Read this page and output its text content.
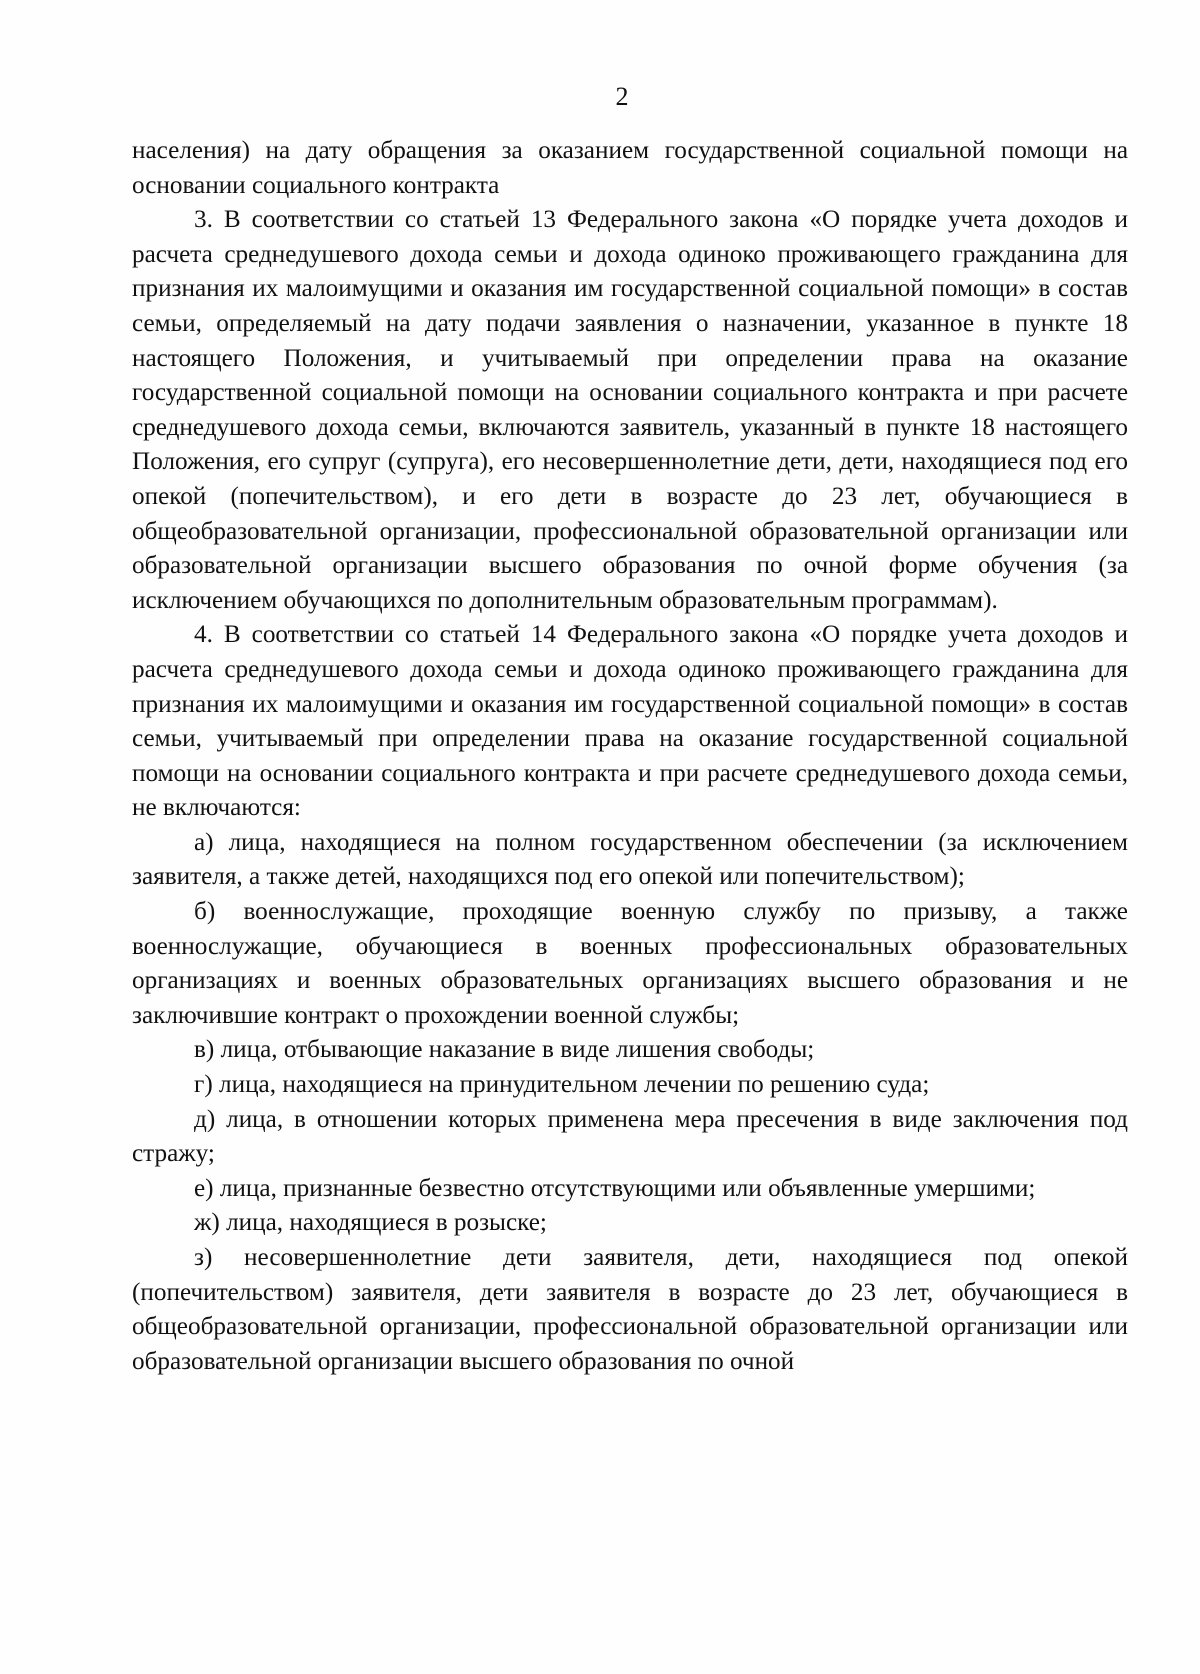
2

населения) на дату обращения за оказанием государственной социальной помощи на основании социального контракта

3. В соответствии со статьей 13 Федерального закона «О порядке учета доходов и расчета среднедушевого дохода семьи и дохода одиноко проживающего гражданина для признания их малоимущими и оказания им государственной социальной помощи» в состав семьи, определяемый на дату подачи заявления о назначении, указанное в пункте 18 настоящего Положения, и учитываемый при определении права на оказание государственной социальной помощи на основании социального контракта и при расчете среднедушевого дохода семьи, включаются заявитель, указанный в пункте 18 настоящего Положения, его супруг (супруга), его несовершеннолетние дети, дети, находящиеся под его опекой (попечительством), и его дети в возрасте до 23 лет, обучающиеся в общеобразовательной организации, профессиональной образовательной организации или образовательной организации высшего образования по очной форме обучения (за исключением обучающихся по дополнительным образовательным программам).

4. В соответствии со статьей 14 Федерального закона «О порядке учета доходов и расчета среднедушевого дохода семьи и дохода одиноко проживающего гражданина для признания их малоимущими и оказания им государственной социальной помощи» в состав семьи, учитываемый при определении права на оказание государственной социальной помощи на основании социального контракта и при расчете среднедушевого дохода семьи, не включаются:

а) лица, находящиеся на полном государственном обеспечении (за исключением заявителя, а также детей, находящихся под его опекой или попечительством);

б) военнослужащие, проходящие военную службу по призыву, а также военнослужащие, обучающиеся в военных профессиональных образовательных организациях и военных образовательных организациях высшего образования и не заключившие контракт о прохождении военной службы;

в) лица, отбывающие наказание в виде лишения свободы;

г) лица, находящиеся на принудительном лечении по решению суда;

д) лица, в отношении которых применена мера пресечения в виде заключения под стражу;

е) лица, признанные безвестно отсутствующими или объявленные умершими;

ж) лица, находящиеся в розыске;

з) несовершеннолетние дети заявителя, дети, находящиеся под опекой (попечительством) заявителя, дети заявителя в возрасте до 23 лет, обучающиеся в общеобразовательной организации, профессиональной образовательной организации или образовательной организации высшего образования по очной
